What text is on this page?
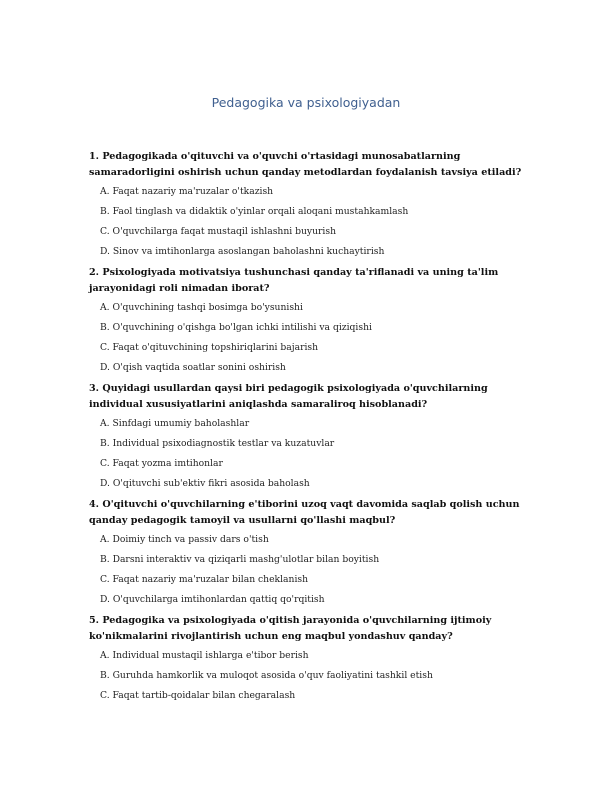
Pedagogika va psixologiyadan

1. Pedagogikada o'qituvchi va o'quvchi o'rtasidagi munosabatlarning samaradorligini oshirish uchun qanday metodlardan foydalanish tavsiya etiladi?

A. Faqat nazariy ma'ruzalar o'tkazish
B. Faol tinglash va didaktik o'yinlar orqali aloqani mustahkamlash
C. O'quvchilarga faqat mustaqil ishlashni buyurish
D. Sinov va imtihonlarga asoslangan baholashni kuchaytirish

2. Psixologiyada motivatsiya tushunchasi qanday ta'riflanadi va uning ta'lim jarayonidagi roli nimadan iborat?

A. O'quvchining tashqi bosimga bo'ysunishi
B. O'quvchining o'qishga bo'lgan ichki intilishi va qiziqishi
C. Faqat o'qituvchining topshiriqlarini bajarish
D. O'qish vaqtida soatlar sonini oshirish

3. Quyidagi usullardan qaysi biri pedagogik psixologiyada o'quvchilarning individual xususiyatlarini aniqlashda samaraliroq hisoblanadi?

A. Sinfdagi umumiy baholashlar
B. Individual psixodiagnostik testlar va kuzatuvlar
C. Faqat yozma imtihonlar
D. O'qituvchi sub'ektiv fikri asosida baholash

4. O'qituvchi o'quvchilarning e'tiborini uzoq vaqt davomida saqlab qolish uchun qanday pedagogik tamoyil va usullarni qo'llashi maqbul?

A. Doimiy tinch va passiv dars o'tish
B. Darsni interaktiv va qiziqarli mashg'ulotlar bilan boyitish
C. Faqat nazariy ma'ruzalar bilan cheklanish
D. O'quvchilarga imtihonlardan qattiq qo'rqitish

5. Pedagogika va psixologiyada o'qitish jarayonida o'quvchilarning ijtimoiy ko'nikmalarini rivojlantirish uchun eng maqbul yondashuv qanday?

A. Individual mustaqil ishlarga e'tibor berish
B. Guruhda hamkorlik va muloqot asosida o'quv faoliyatini tashkil etish
C. Faqat tartib-qoidalar bilan chegaralash
